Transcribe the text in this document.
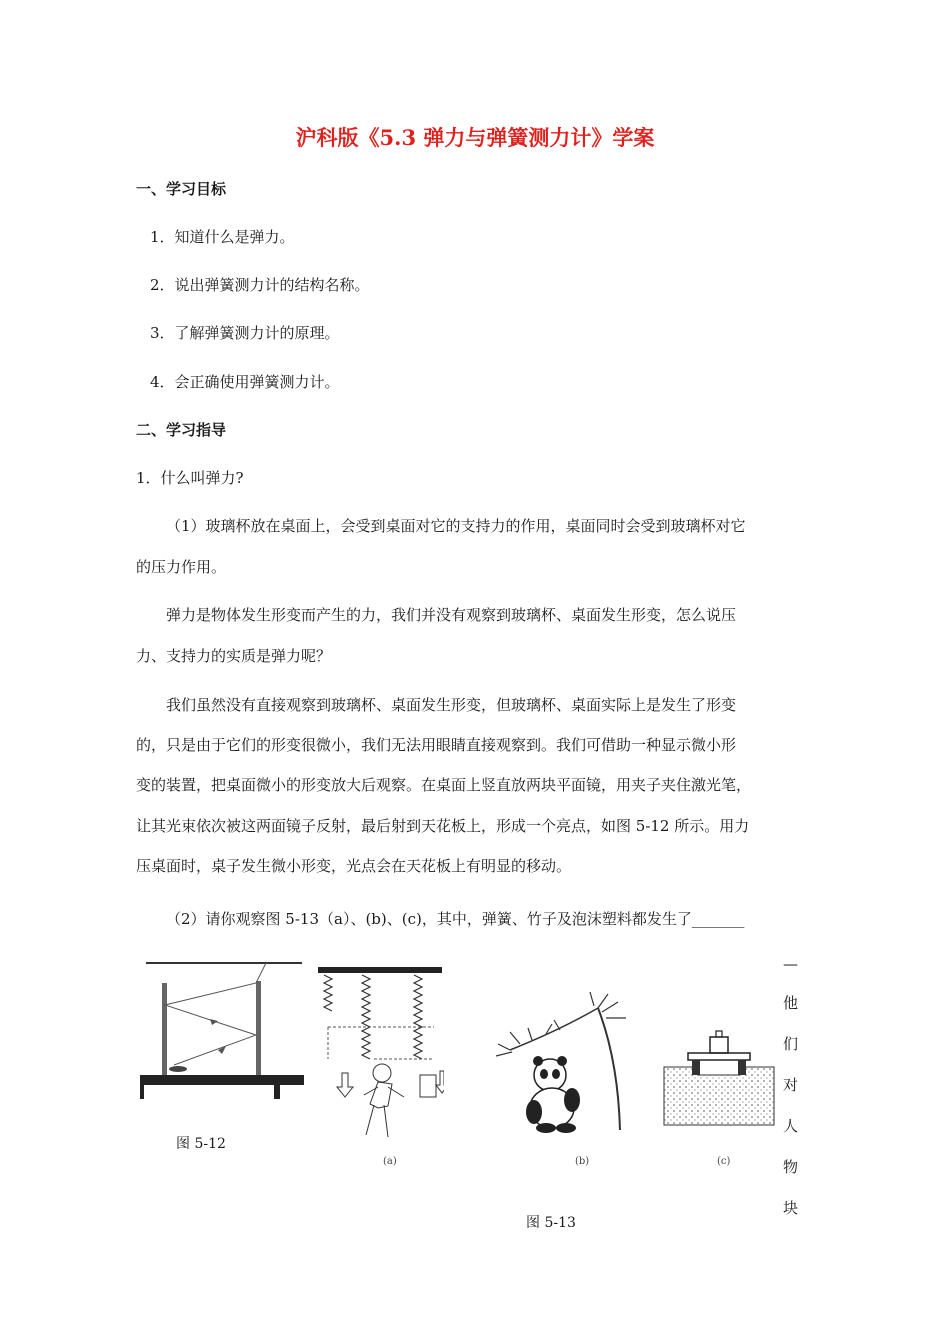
沪科版《5.3 弹力与弹簧测力计》学案
一、学习目标
1．知道什么是弹力。
2．说出弹簧测力计的结构名称。
3．了解弹簧测力计的原理。
4．会正确使用弹簧测力计。
二、学习指导
1．什么叫弹力?
（1）玻璃杯放在桌面上，会受到桌面对它的支持力的作用，桌面同时会受到玻璃杯对它
的压力作用。
弹力是物体发生形变而产生的力，我们并没有观察到玻璃杯、桌面发生形变，怎么说压
力、支持力的实质是弹力呢？
我们虽然没有直接观察到玻璃杯、桌面发生形变，但玻璃杯、桌面实际上是发生了形变
的，只是由于它们的形变很微小，我们无法用眼睛直接观察到。我们可借助一种显示微小形
变的装置，把桌面微小的形变放大后观察。在桌面上竖直放两块平面镜，用夹子夹住激光笔，
让其光束依次被这两面镜子反射，最后射到天花板上，形成一个亮点，如图 5-12 所示。用力
压桌面时，桌子发生微小形变，光点会在天花板上有明显的移动。
（2）请你观察图 5-13（a）、(b)、(c)，其中，弹簧、竹子及泡沫塑料都发生了_______
—
他
们
对
人
物
块
图 5-12
(a)	(b)	(c)
图 5-13
